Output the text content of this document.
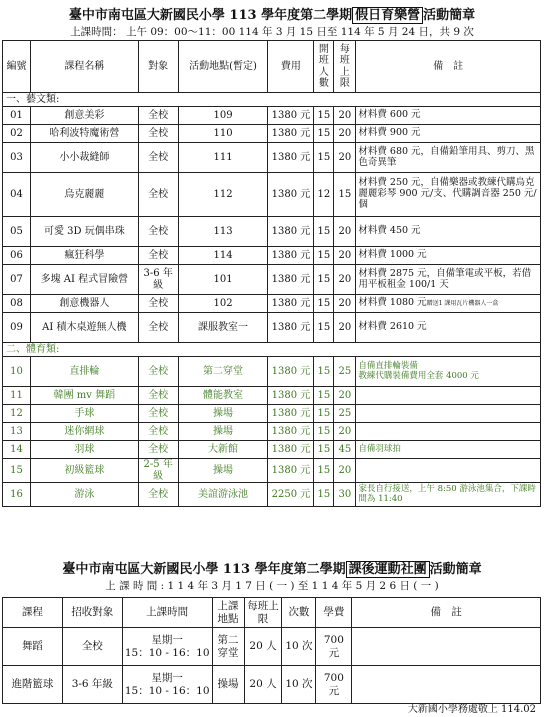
臺中市南屯區大新國民小學 113 學年度第二學期 假日育樂營 活動簡章
上課時間： 上午 09：00～11：00 114 年 3 月 15 日至 114 年 5 月 24 日，共 9 次
編號	課程名稱	對象	活動地點(暫定)	費用	開班人數	每班上限	備　註
一、藝文類:							
01	創意美彩	全校	109	1380 元	15	20	材料費 600 元
02	哈利波特魔術營	全校	110	1380 元	15	20	材料費 900 元
03	小小裁縫師	全校	111	1380 元	15	20	材料費 680 元，自備鉛筆用具、剪刀、黑色奇異筆
04	烏克麗麗	全校	112	1380 元	12	15	材料費 250 元，自備樂器或教練代購烏克麗麗彩琴 900 元/支、代購調音器 250 元/個
05	可愛 3D 玩偶串珠	全校	113	1380 元	15	20	材料費 450 元
06	瘋狂科學	全校	114	1380 元	15	20	材料費 1000 元
07	多塊 AI 程式冒險營	3-6 年級	101	1380 元	15	20	材料費 2875 元，自備筆電或平板，若借用平板租金 100/1 天
08	創意機器人	全校	102	1380 元	15	20	材料費 1080 元贈送1 課用瓦片機器人一盒
09	AI 積木桌遊無人機	全校	課服教室一	1380 元	15	20	材料費 2610 元
二、體育類:							
10	直排輪	全校	第二穿堂	1380 元	15	25	自備直排輪裝備
教練代購裝備費用全套 4000 元
11	韓團 mv 舞蹈	全校	體能教室	1380 元	15	20	
12	手球	全校	操場	1380 元	15	25	
13	迷你網球	全校	操場	1380 元	15	20	
14	羽球	全校	大新館	1380 元	15	45	自備羽球拍
15	初級籃球	2-5 年級	操場	1380 元	15	20	
16	游泳	全校	美誼游泳池	2250 元	15	30	家長自行接送，上午 8:50 游泳池集合，下課時間為 11:40
臺中市南屯區大新國民小學 113 學年度第二學期 課後運動社團 活動簡章
上 課 時 間 : 1 1 4 年 3 月 1 7 日 ( 一 ) 至 1 1 4 年 5 月 2 6 日 ( 一 )
課程	招收對象	上課時間	上課地點	每班上限	次數	學費	備　註
舞蹈	全校	星期一
15：10 - 16：10	第二穿堂	20 人	10 次	700 元	
進階籃球	3-6 年級	星期一
15：10 - 16：10	操場	20 人	10 次	700 元	
大新國小學務處敬上 114.02
